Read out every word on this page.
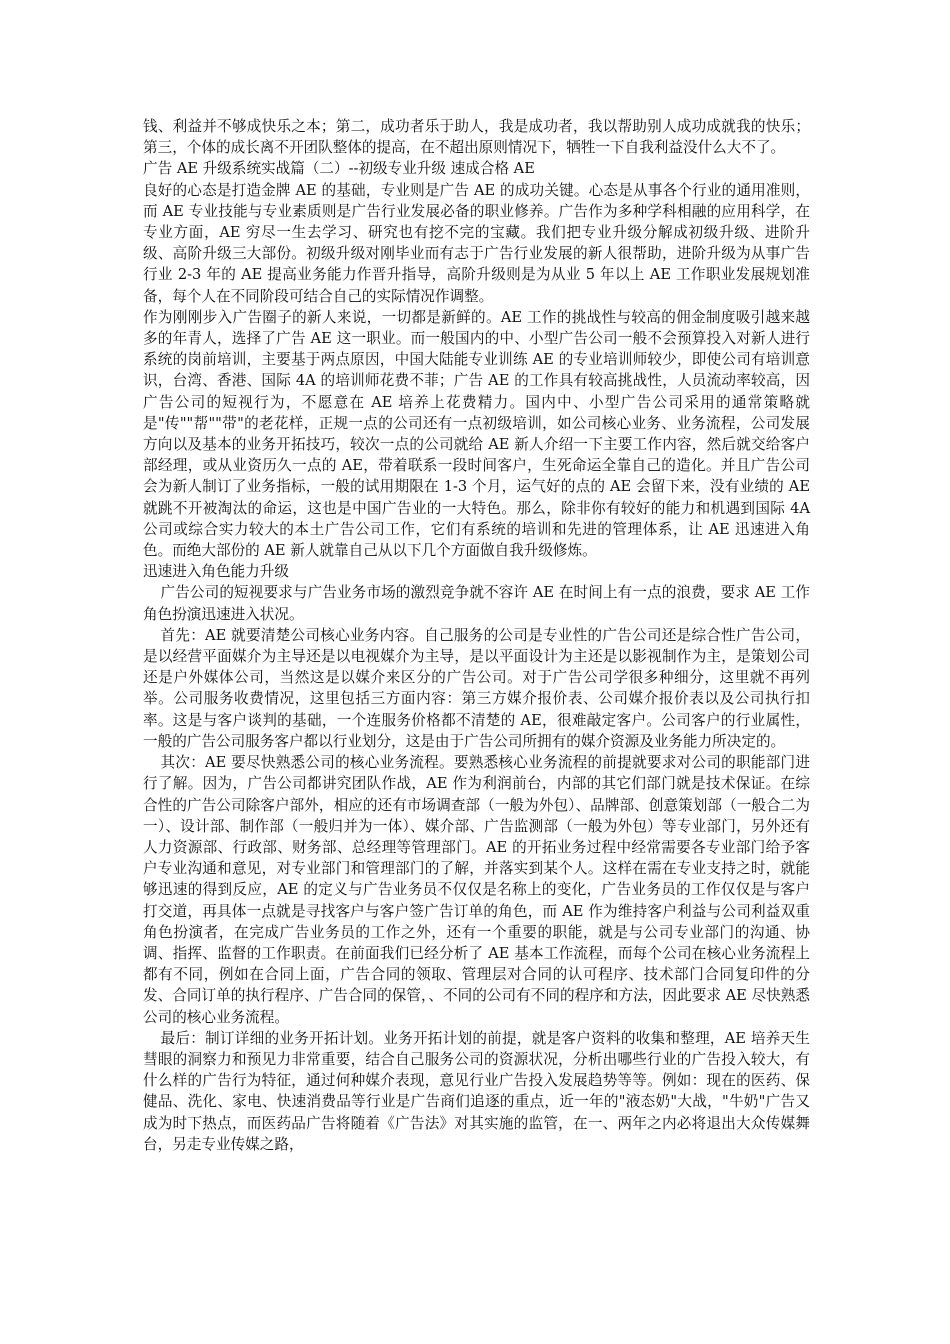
钱、利益并不够成快乐之本；第二，成功者乐于助人，我是成功者，我以帮助别人成功成就我的快乐；第三，个体的成长离不开团队整体的提高，在不超出原则情况下，牺牲一下自我利益没什么大不了。

广告 AE 升级系统实战篇（二）--初级专业升级 速成合格 AE

良好的心态是打造金牌 AE 的基础，专业则是广告 AE 的成功关键。心态是从事各个行业的通用准则，而 AE 专业技能与专业素质则是广告行业发展必备的职业修养。广告作为多种学科相融的应用科学，在专业方面，AE 穷尽一生去学习、研究也有挖不完的宝藏。我们把专业升级分解成初级升级、进阶升级、高阶升级三大部份。初级升级对刚毕业而有志于广告行业发展的新人很帮助，进阶升级为从事广告行业 2-3 年的 AE 提高业务能力作晋升指导，高阶升级则是为从业 5 年以上 AE 工作职业发展规划准备，每个人在不同阶段可结合自己的实际情况作调整。

作为刚刚步入广告圈子的新人来说，一切都是新鲜的。AE 工作的挑战性与较高的佣金制度吸引越来越多的年青人，选择了广告 AE 这一职业。而一般国内的中、小型广告公司一般不会预算投入对新人进行系统的岗前培训，主要基于两点原因，中国大陆能专业训练 AE 的专业培训师较少，即使公司有培训意识，台湾、香港、国际 4A 的培训师花费不菲；广告 AE 的工作具有较高挑战性，人员流动率较高，因广告公司的短视行为，不愿意在 AE 培养上花费精力。国内中、小型广告公司采用的通常策略就是"传""帮""带"的老花样，正规一点的公司还有一点初级培训，如公司核心业务、业务流程，公司发展方向以及基本的业务开拓技巧，较次一点的公司就给 AE 新人介绍一下主要工作内容，然后就交给客户部经理，或从业资历久一点的 AE，带着联系一段时间客户，生死命运全靠自己的造化。并且广告公司会为新人制订了业务指标，一般的试用期限在 1-3 个月，运气好的点的 AE 会留下来，没有业绩的 AE 就跳不开被淘汰的命运，这也是中国广告业的一大特色。那么，除非你有较好的能力和机遇到国际 4A 公司或综合实力较大的本土广告公司工作，它们有系统的培训和先进的管理体系，让 AE 迅速进入角色。而绝大部份的 AE 新人就靠自己从以下几个方面做自我升级修炼。

迅速进入角色能力升级

广告公司的短视要求与广告业务市场的激烈竞争就不容许 AE 在时间上有一点的浪费，要求 AE 工作角色扮演迅速进入状况。

首先：AE 就要清楚公司核心业务内容。自己服务的公司是专业性的广告公司还是综合性广告公司，是以经营平面媒介为主导还是以电视媒介为主导，是以平面设计为主还是以影视制作为主，是策划公司还是户外媒体公司，当然这是以媒介来区分的广告公司。对于广告公司学很多种细分，这里就不再列举。公司服务收费情况，这里包括三方面内容：第三方媒介报价表、公司媒介报价表以及公司执行扣率。这是与客户谈判的基础，一个连服务价格都不清楚的 AE，很难敲定客户。公司客户的行业属性，一般的广告公司服务客户都以行业划分，这是由于广告公司所拥有的媒介资源及业务能力所决定的。

其次：AE 要尽快熟悉公司的核心业务流程。要熟悉核心业务流程的前提就要求对公司的职能部门进行了解。因为，广告公司都讲究团队作战，AE 作为利润前台，内部的其它们部门就是技术保证。在综合性的广告公司除客户部外，相应的还有市场调查部（一般为外包）、品牌部、创意策划部（一般合二为一）、设计部、制作部（一般归并为一体）、媒介部、广告监测部（一般为外包）等专业部门，另外还有人力资源部、行政部、财务部、总经理等管理部门。AE 的开拓业务过程中经常需要各专业部门给予客户专业沟通和意见，对专业部门和管理部门的了解，并落实到某个人。这样在需在专业支持之时，就能够迅速的得到反应，AE 的定义与广告业务员不仅仅是名称上的变化，广告业务员的工作仅仅是与客户打交道，再具体一点就是寻找客户与客户签广告订单的角色，而 AE 作为维持客户利益与公司利益双重角色扮演者，在完成广告业务员的工作之外，还有一个重要的职能，就是与公司专业部门的沟通、协调、指挥、监督的工作职责。在前面我们已经分析了 AE 基本工作流程，而每个公司在核心业务流程上都有不同，例如在合同上面，广告合同的领取、管理层对合同的认可程序、技术部门合同复印件的分发、合同订单的执行程序、广告合同的保管，、不同的公司有不同的程序和方法，因此要求 AE 尽快熟悉公司的核心业务流程。

最后：制订详细的业务开拓计划。业务开拓计划的前提，就是客户资料的收集和整理，AE 培养天生彗眼的洞察力和预见力非常重要，结合自己服务公司的资源状况，分析出哪些行业的广告投入较大，有什么样的广告行为特征，通过何种媒介表现，意见行业广告投入发展趋势等等。例如：现在的医药、保健品、洗化、家电、快速消费品等行业是广告商们追逐的重点，近一年的"液态奶"大战，"牛奶"广告又成为时下热点，而医药品广告将随着《广告法》对其实施的监管，在一、两年之内必将退出大众传媒舞台，另走专业传媒之路，
